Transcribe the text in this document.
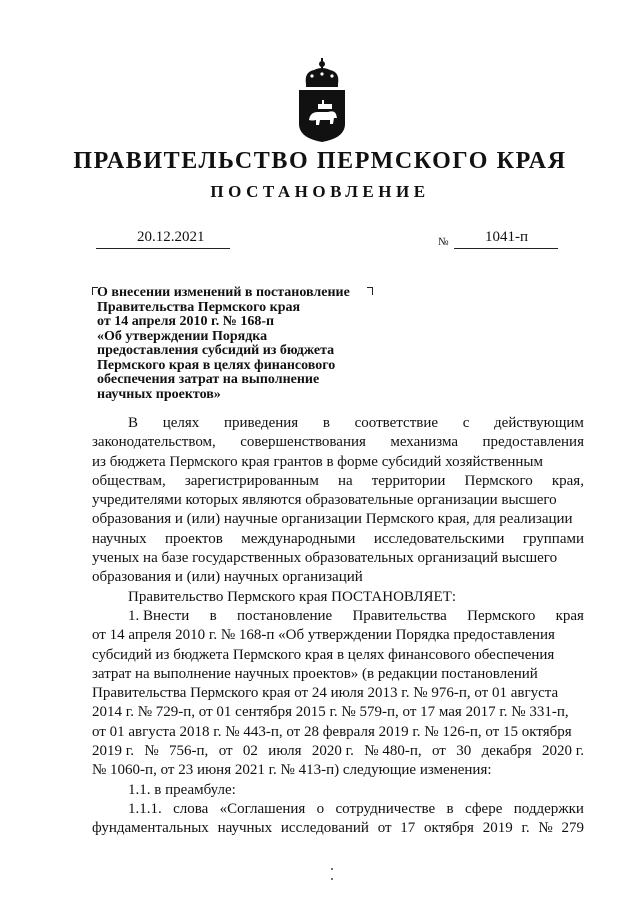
ПРАВИТЕЛЬСТВО ПЕРМСКОГО КРАЯ
ПОСТАНОВЛЕНИЕ
20.12.2021	№ 1041-п
О внесении изменений в постановление
Правительства Пермского края
от 14 апреля 2010 г. № 168-п
«Об утверждении Порядка
предоставления субсидий из бюджета
Пермского края в целях финансового
обеспечения затрат на выполнение
научных проектов»
В целях приведения в соответствие с действующим
законодательством, совершенствования механизма предоставления
из бюджета Пермского края грантов в форме субсидий хозяйственным
обществам, зарегистрированным на территории Пермского края,
учредителями которых являются образовательные организации высшего
образования и (или) научные организации Пермского края, для реализации
научных проектов международными исследовательскими группами
ученых на базе государственных образовательных организаций высшего
образования и (или) научных организаций
Правительство Пермского края ПОСТАНОВЛЯЕТ:
1. Внести в постановление Правительства Пермского края
от 14 апреля 2010 г. № 168-п «Об утверждении Порядка предоставления
субсидий из бюджета Пермского края в целях финансового обеспечения
затрат на выполнение научных проектов» (в редакции постановлений
Правительства Пермского края от 24 июля 2013 г. № 976-п, от 01 августа
2014 г. № 729-п, от 01 сентября 2015 г. № 579-п, от 17 мая 2017 г. № 331-п,
от 01 августа 2018 г. № 443-п, от 28 февраля 2019 г. № 126-п, от 15 октября
2019 г. № 756-п, от 02 июля 2020 г. № 480-п, от 30 декабря 2020 г.
№ 1060-п, от 23 июня 2021 г. № 413-п) следующие изменения:
1.1. в преамбуле:
1.1.1. слова «Соглашения о сотрудничестве в сфере поддержки
фундаментальных научных исследований от 17 октября 2019 г. № 279
